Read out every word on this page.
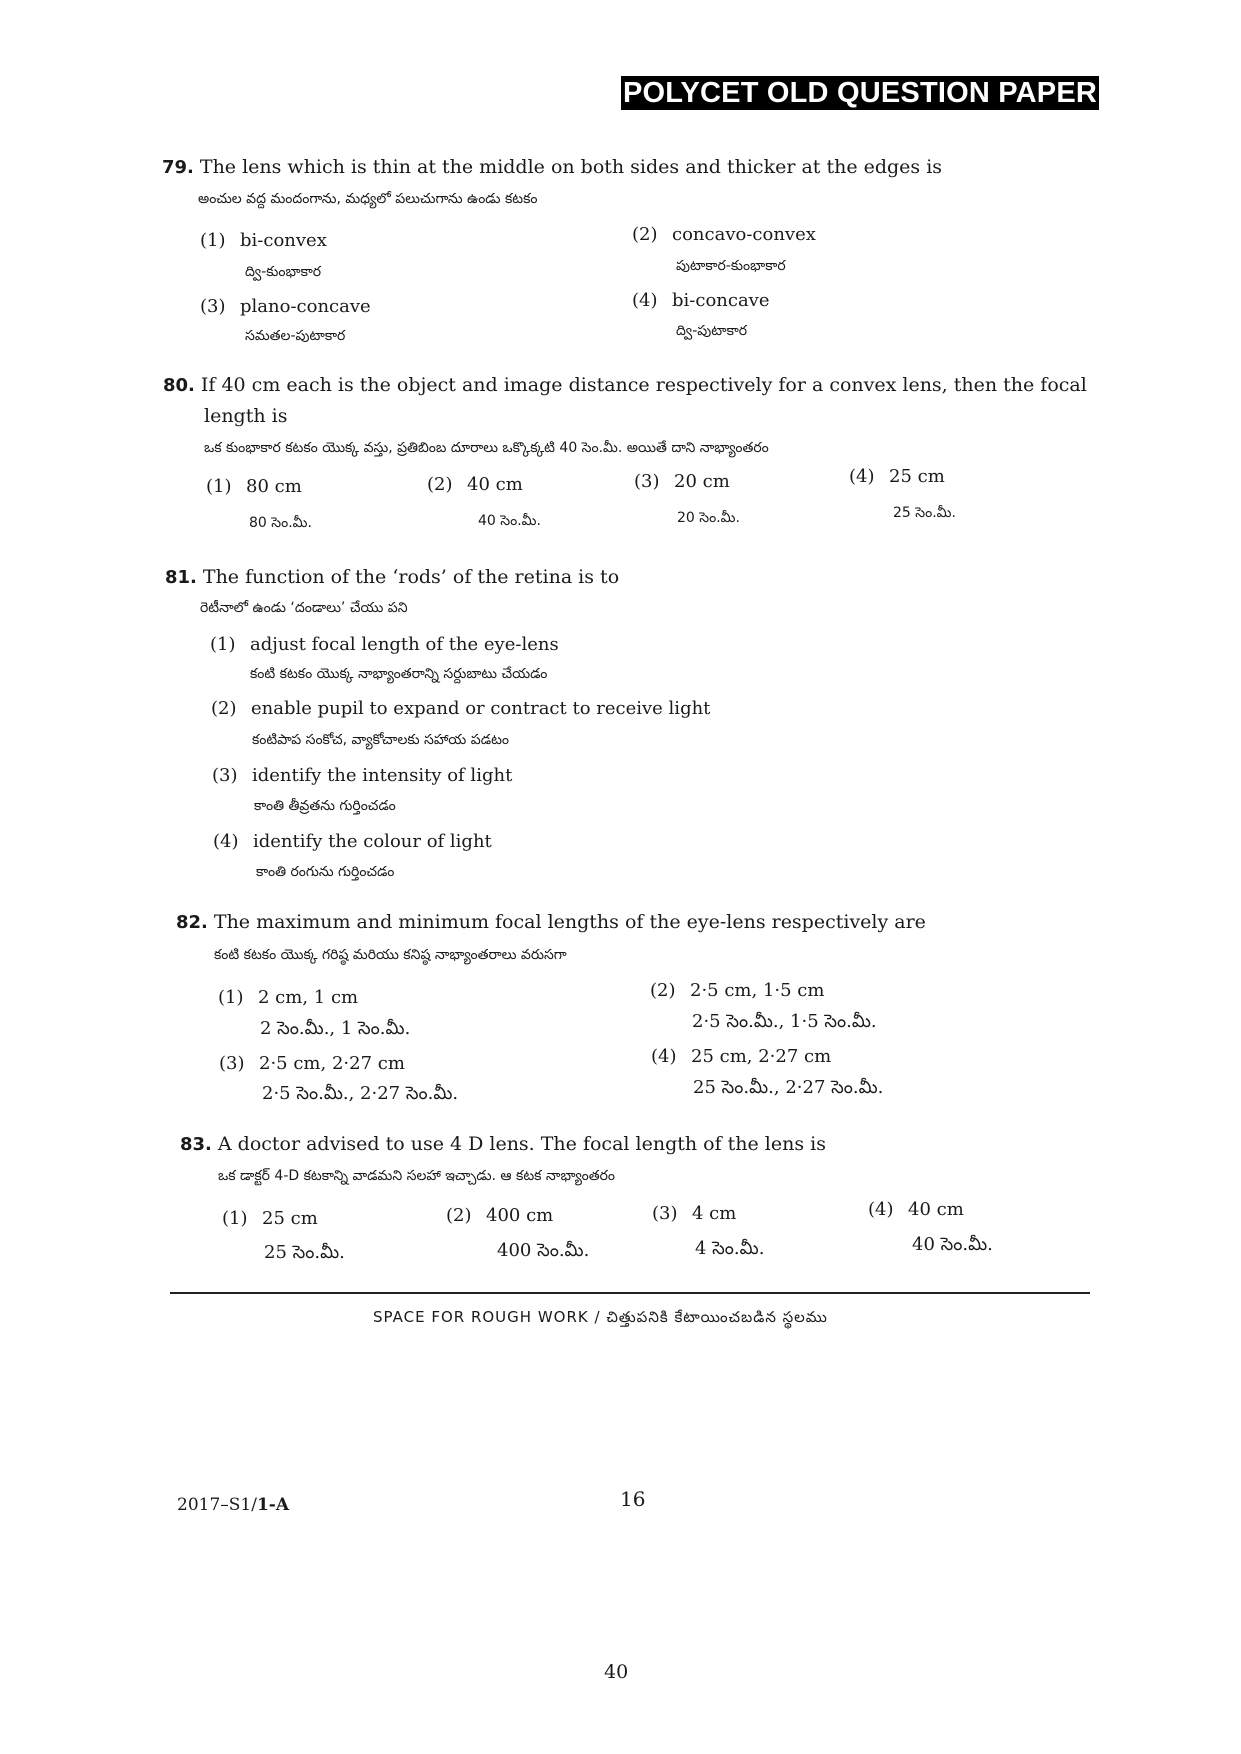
POLYCET OLD QUESTION PAPER
79. The lens which is thin at the middle on both sides and thicker at the edges is
అంచుల వద్ద మందంగాను, మధ్యలో పలుచుగాను ఉండు కటకం
(1) bi-convex
ద్వి-కుంభాకార
(2) concavo-convex
పుటాకార-కుంభాకార
(3) plano-concave
సమతల-పుటాకార
(4) bi-concave
ద్వి-పుటాకార
80. If 40 cm each is the object and image distance respectively for a convex lens, then the focal
length is
ఒక కుంభాకార కటకం యొక్క వస్తు, ప్రతిబింబ దూరాలు ఒక్కొక్కటి 40 సెం.మీ. అయితే దాని నాభ్యాంతరం
(1) 80 cm
80 సెం.మీ.
(2) 40 cm
40 సెం.మీ.
(3) 20 cm
20 సెం.మీ.
(4) 25 cm
25 సెం.మీ.
81. The function of the ‘rods’ of the retina is to
రెటీనాలో ఉండు ‘దండాలు’ చేయు పని
(1) adjust focal length of the eye-lens
కంటి కటకం యొక్క నాభ్యాంతరాన్ని సర్దుబాటు చేయడం
(2) enable pupil to expand or contract to receive light
కంటిపాప సంకోచ, వ్యాకోచాలకు సహాయ పడటం
(3) identify the intensity of light
కాంతి తీవ్రతను గుర్తించడం
(4) identify the colour of light
కాంతి రంగును గుర్తించడం
82. The maximum and minimum focal lengths of the eye-lens respectively are
కంటి కటకం యొక్క గరిష్ఠ మరియు కనిష్ఠ నాభ్యాంతరాలు వరుసగా
(1) 2 cm, 1 cm
2 సెం.మీ., 1 సెం.మీ.
(2) 2·5 cm, 1·5 cm
2·5 సెం.మీ., 1·5 సెం.మీ.
(3) 2·5 cm, 2·27 cm
2·5 సెం.మీ., 2·27 సెం.మీ.
(4) 25 cm, 2·27 cm
25 సెం.మీ., 2·27 సెం.మీ.
83. A doctor advised to use 4 D lens. The focal length of the lens is
ఒక డాక్టర్ 4-D కటకాన్ని వాడమని సలహా ఇచ్చాడు. ఆ కటక నాభ్యాంతరం
(1) 25 cm
25 సెం.మీ.
(2) 400 cm
400 సెం.మీ.
(3) 4 cm
4 సెం.మీ.
(4) 40 cm
40 సెం.మీ.
SPACE FOR ROUGH WORK / చిత్తుపనికి కేటాయించబడిన స్థలము
2017–S1/1-A	16
40
